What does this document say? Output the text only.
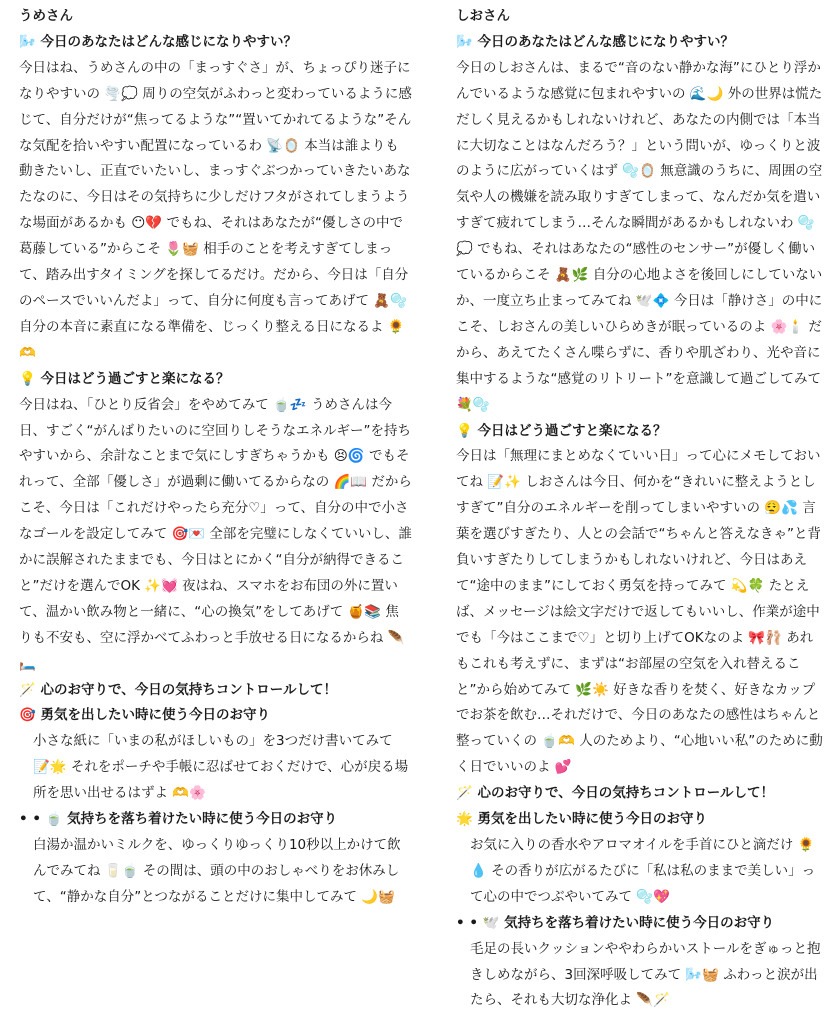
うめさん

🌬️ 今日のあなたはどんな感じになりやすい？

今日はね、うめさんの中の「まっすぐさ」が、ちょっぴり迷子になりやすいの 🌪️💭 周りの空気がふわっと変わっているように感じて、自分だけが“焦ってるような”“置いてかれてるような”そんな気配を拾いやすい配置になっているわ 📡🪞 本当は誰よりも動きたいし、正直でいたいし、まっすぐぶつかっていきたいあなたなのに、今日はその気持ちに少しだけフタがされてしまうような場面があるかも 😶💔 でもね、それはあなたが“優しさの中で葛藤している”からこそ 🌷🧺 相手のことを考えすぎてしまって、踏み出すタイミングを探してるだけ。だから、今日は「自分のペースでいいんだよ」って、自分に何度も言ってあげて 🧸🫧 自分の本音に素直になる準備を、じっくり整える日になるよ 🌻🫶

💡 今日はどう過ごすと楽になる？

今日はね、「ひとり反省会」をやめてみて 🍵💤 うめさんは今日、すごく“がんばりたいのに空回りしそうなエネルギー”を持ちやすいから、余計なことまで気にしすぎちゃうかも 😣🌀 でもそれって、全部「優しさ」が過剰に働いてるからなの 🌈📖 だからこそ、今日は「これだけやったら充分♡」って、自分の中で小さなゴールを設定してみて 🎯💌 全部を完璧にしなくていいし、誰かに誤解されたままでも、今日はとにかく“自分が納得できること”だけを選んでOK ✨💓 夜はね、スマホをお布団の外に置いて、温かい飲み物と一緒に、“心の換気”をしてあげて 🍯📚 焦りも不安も、空に浮かべてふわっと手放せる日になるからね 🪶🛏️

🪄 心のお守りで、今日の気持ちコントロールして！

🎯 勇気を出したい時に使う今日のお守り

小さな紙に「いまの私がほしいもの」を3つだけ書いてみて 📝🌟 それをポーチや手帳に忍ばせておくだけで、心が戻る場所を思い出せるはずよ 🫶🌸

• • 🍵 気持ちを落ち着けたい時に使う今日のお守り

白湯か温かいミルクを、ゆっくりゆっくり10秒以上かけて飲んでみてね 🥛🍵 その間は、頭の中のおしゃべりをお休みして、“静かな自分”とつながることだけに集中してみて 🌙🧺

しおさん

🌬️ 今日のあなたはどんな感じになりやすい？

今日のしおさんは、まるで“音のない静かな海”にひとり浮かんでいるような感覚に包まれやすいの 🌊🌙 外の世界は慌ただしく見えるかもしれないけれど、あなたの内側では「本当に大切なことはなんだろう？」という問いが、ゆっくりと波のように広がっていくはず 🫧🪞 無意識のうちに、周囲の空気や人の機嫌を読み取りすぎてしまって、なんだか気を遣いすぎて疲れてしまう…そんな瞬間があるかもしれないわ 🫧💭 でもね、それはあなたの“感性のセンサー”が優しく働いているからこそ 🧸🌿 自分の心地よさを後回しにしていないか、一度立ち止まってみてね 🕊️💠 今日は「静けさ」の中にこそ、しおさんの美しいひらめきが眠っているのよ 🌸🕯️ だから、あえてたくさん喋らずに、香りや肌ざわり、光や音に集中するような“感覚のリトリート”を意識して過ごしてみて 💐🫧

💡 今日はどう過ごすと楽になる？

今日は「無理にまとめなくていい日」って心にメモしておいてね 📝✨ しおさんは今日、何かを“きれいに整えようとしすぎて”自分のエネルギーを削ってしまいやすいの 😮‍💨💦 言葉を選びすぎたり、人との会話で“ちゃんと答えなきゃ”と背負いすぎたりしてしまうかもしれないけれど、今日はあえて“途中のまま”にしておく勇気を持ってみて 💫🍀 たとえば、メッセージは絵文字だけで返してもいいし、作業が途中でも「今はここまで♡」と切り上げてOKなのよ 🎀🩰 あれもこれも考えずに、まずは“お部屋の空気を入れ替えること”から始めてみて 🌿☀️ 好きな香りを焚く、好きなカップでお茶を飲む…それだけで、今日のあなたの感性はちゃんと整っていくの 🍵🫶 人のためより、“心地いい私”のために動く日でいいのよ 💕

🪄 心のお守りで、今日の気持ちコントロールして！

🌟 勇気を出したい時に使う今日のお守り

お気に入りの香水やアロマオイルを手首にひと滴だけ 🌻💧 その香りが広がるたびに「私は私のままで美しい」って心の中でつぶやいてみて 🫧💖

• • 🕊️ 気持ちを落ち着けたい時に使う今日のお守り

毛足の長いクッションややわらかいストールをぎゅっと抱きしめながら、3回深呼吸してみて 🌬️🧺 ふわっと涙が出たら、それも大切な浄化よ 🪶🪄
